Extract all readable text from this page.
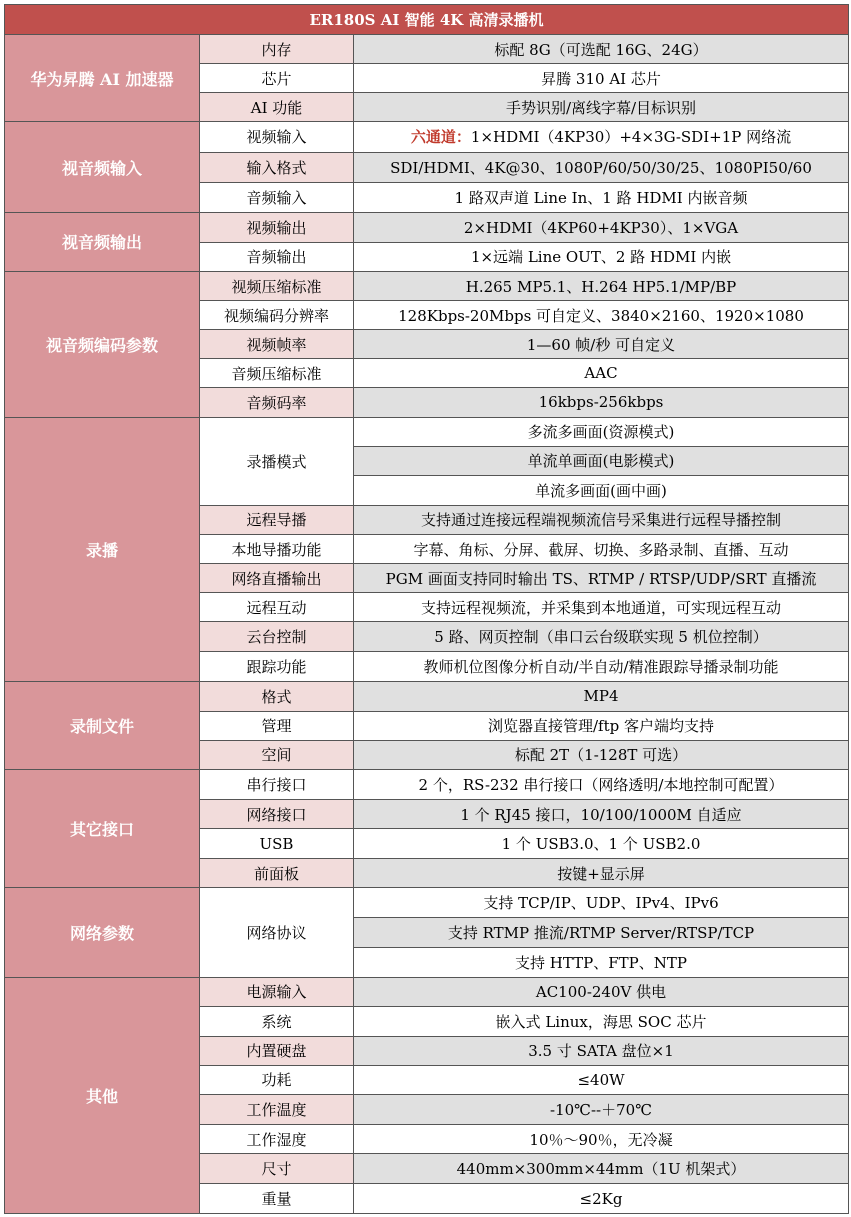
ER180S AI 智能 4K 高清录播机		
华为昇腾 AI 加速器	内存	标配 8G（可选配 16G、24G）
	芯片	昇腾 310 AI 芯片
	AI 功能	手势识别/离线字幕/目标识别
视音频输入	视频输入	六通道：1×HDMI（4KP30）+4×3G-SDI+1P 网络流
	输入格式	SDI/HDMI、4K@30、1080P/60/50/30/25、1080PI50/60
	音频输入	1 路双声道 Line In、1 路 HDMI 内嵌音频
视音频输出	视频输出	2×HDMI（4KP60+4KP30）、1×VGA
	音频输出	1×远端 Line OUT、2 路 HDMI 内嵌
视音频编码参数	视频压缩标准	H.265 MP5.1、H.264 HP5.1/MP/BP
	视频编码分辨率	128Kbps-20Mbps 可自定义、3840×2160、1920×1080
	视频帧率	1—60 帧/秒 可自定义
	音频压缩标准	AAC
	音频码率	16kbps-256kbps
录播	录播模式	多流多画面(资源模式)
		单流单画面(电影模式)
		单流多画面(画中画)
	远程导播	支持通过连接远程端视频流信号采集进行远程导播控制
	本地导播功能	字幕、角标、分屏、截屏、切换、多路录制、直播、互动
	网络直播输出	PGM 画面支持同时输出 TS、RTMP / RTSP/UDP/SRT 直播流
	远程互动	支持远程视频流，并采集到本地通道，可实现远程互动
	云台控制	5 路、网页控制（串口云台级联实现 5 机位控制）
	跟踪功能	教师机位图像分析自动/半自动/精准跟踪导播录制功能
录制文件	格式	MP4
	管理	浏览器直接管理/ftp 客户端均支持
	空间	标配 2T（1-128T 可选）
其它接口	串行接口	2 个，RS-232 串行接口（网络透明/本地控制可配置）
	网络接口	1 个 RJ45 接口，10/100/1000M 自适应
	USB	1 个 USB3.0、1 个 USB2.0
	前面板	按键+显示屏
网络参数	网络协议	支持 TCP/IP、UDP、IPv4、IPv6
		支持 RTMP 推流/RTMP Server/RTSP/TCP
		支持 HTTP、FTP、NTP
其他	电源输入	AC100-240V 供电
	系统	嵌入式 Linux，海思 SOC 芯片
	内置硬盘	3.5 寸 SATA 盘位×1
	功耗	≤40W
	工作温度	-10℃--＋70℃
	工作湿度	10％～90％，无冷凝
	尺寸	440mm×300mm×44mm（1U 机架式）
	重量	≤2Kg
